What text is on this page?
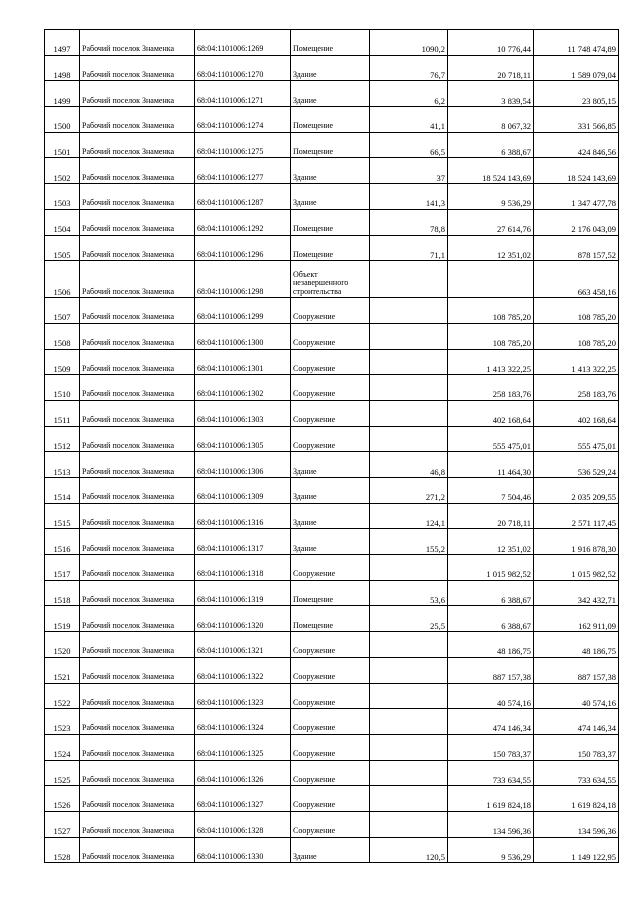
1497	Рабочий поселок Знаменка	68:04:1101006:1269	Помещение	1090,2	10 776,44	11 748 474,89
1498	Рабочий поселок Знаменка	68:04:1101006:1270	Здание	76,7	20 718,11	1 589 079,04
1499	Рабочий поселок Знаменка	68:04:1101006:1271	Здание	6,2	3 839,54	23 805,15
1500	Рабочий поселок Знаменка	68:04:1101006:1274	Помещение	41,1	8 067,32	331 566,85
1501	Рабочий поселок Знаменка	68:04:1101006:1275	Помещение	66,5	6 388,67	424 846,56
1502	Рабочий поселок Знаменка	68:04:1101006:1277	Здание	37	18 524 143,69	18 524 143,69
1503	Рабочий поселок Знаменка	68:04:1101006:1287	Здание	141,3	9 536,29	1 347 477,78
1504	Рабочий поселок Знаменка	68:04:1101006:1292	Помещение	78,8	27 614,76	2 176 043,09
1505	Рабочий поселок Знаменка	68:04:1101006:1296	Помещение	71,1	12 351,02	878 157,52
1506	Рабочий поселок Знаменка	68:04:1101006:1298	Объект незавершенного строительства			663 458,16
1507	Рабочий поселок Знаменка	68:04:1101006:1299	Сооружение		108 785,20	108 785,20
1508	Рабочий поселок Знаменка	68:04:1101006:1300	Сооружение		108 785,20	108 785,20
1509	Рабочий поселок Знаменка	68:04:1101006:1301	Сооружение		1 413 322,25	1 413 322,25
1510	Рабочий поселок Знаменка	68:04:1101006:1302	Сооружение		258 183,76	258 183,76
1511	Рабочий поселок Знаменка	68:04:1101006:1303	Сооружение		402 168,64	402 168,64
1512	Рабочий поселок Знаменка	68:04:1101006:1305	Сооружение		555 475,01	555 475,01
1513	Рабочий поселок Знаменка	68:04:1101006:1306	Здание	46,8	11 464,30	536 529,24
1514	Рабочий поселок Знаменка	68:04:1101006:1309	Здание	271,2	7 504,46	2 035 209,55
1515	Рабочий поселок Знаменка	68:04:1101006:1316	Здание	124,1	20 718,11	2 571 117,45
1516	Рабочий поселок Знаменка	68:04:1101006:1317	Здание	155,2	12 351,02	1 916 878,30
1517	Рабочий поселок Знаменка	68:04:1101006:1318	Сооружение		1 015 982,52	1 015 982,52
1518	Рабочий поселок Знаменка	68:04:1101006:1319	Помещение	53,6	6 388,67	342 432,71
1519	Рабочий поселок Знаменка	68:04:1101006:1320	Помещение	25,5	6 388,67	162 911,09
1520	Рабочий поселок Знаменка	68:04:1101006:1321	Сооружение		48 186,75	48 186,75
1521	Рабочий поселок Знаменка	68:04:1101006:1322	Сооружение		887 157,38	887 157,38
1522	Рабочий поселок Знаменка	68:04:1101006:1323	Сооружение		40 574,16	40 574,16
1523	Рабочий поселок Знаменка	68:04:1101006:1324	Сооружение		474 146,34	474 146,34
1524	Рабочий поселок Знаменка	68:04:1101006:1325	Сооружение		150 783,37	150 783,37
1525	Рабочий поселок Знаменка	68:04:1101006:1326	Сооружение		733 634,55	733 634,55
1526	Рабочий поселок Знаменка	68:04:1101006:1327	Сооружение		1 619 824,18	1 619 824,18
1527	Рабочий поселок Знаменка	68:04:1101006:1328	Сооружение		134 596,36	134 596,36
1528	Рабочий поселок Знаменка	68:04:1101006:1330	Здание	120,5	9 536,29	1 149 122,95
